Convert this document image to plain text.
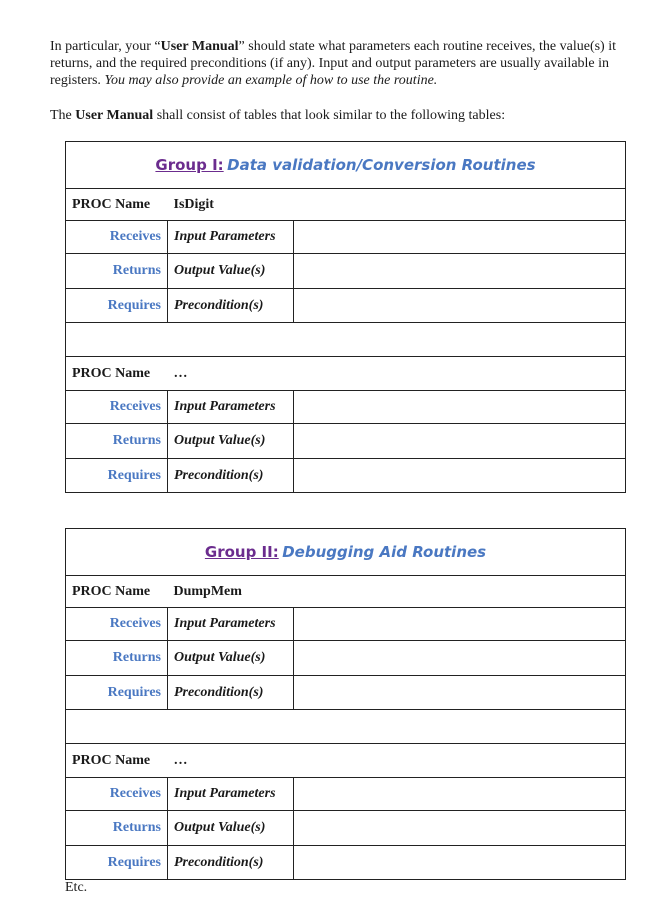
In particular, your “User Manual” should state what parameters each routine receives, the value(s) it returns, and the required preconditions (if any). Input and output parameters are usually available in registers. You may also provide an example of how to use the routine.

The User Manual shall consist of tables that look similar to the following tables:

Group I: Data validation/Conversion Routines		
PROC Name	IsDigit	
Receives	Input Parameters	
Returns	Output Value(s)	
Requires	Precondition(s)	

PROC Name	…	
Receives	Input Parameters	
Returns	Output Value(s)	
Requires	Precondition(s)	
Group II: Debugging Aid Routines		
PROC Name	DumpMem	
Receives	Input Parameters	
Returns	Output Value(s)	
Requires	Precondition(s)	

PROC Name	…	
Receives	Input Parameters	
Returns	Output Value(s)	
Requires	Precondition(s)	
Etc.
